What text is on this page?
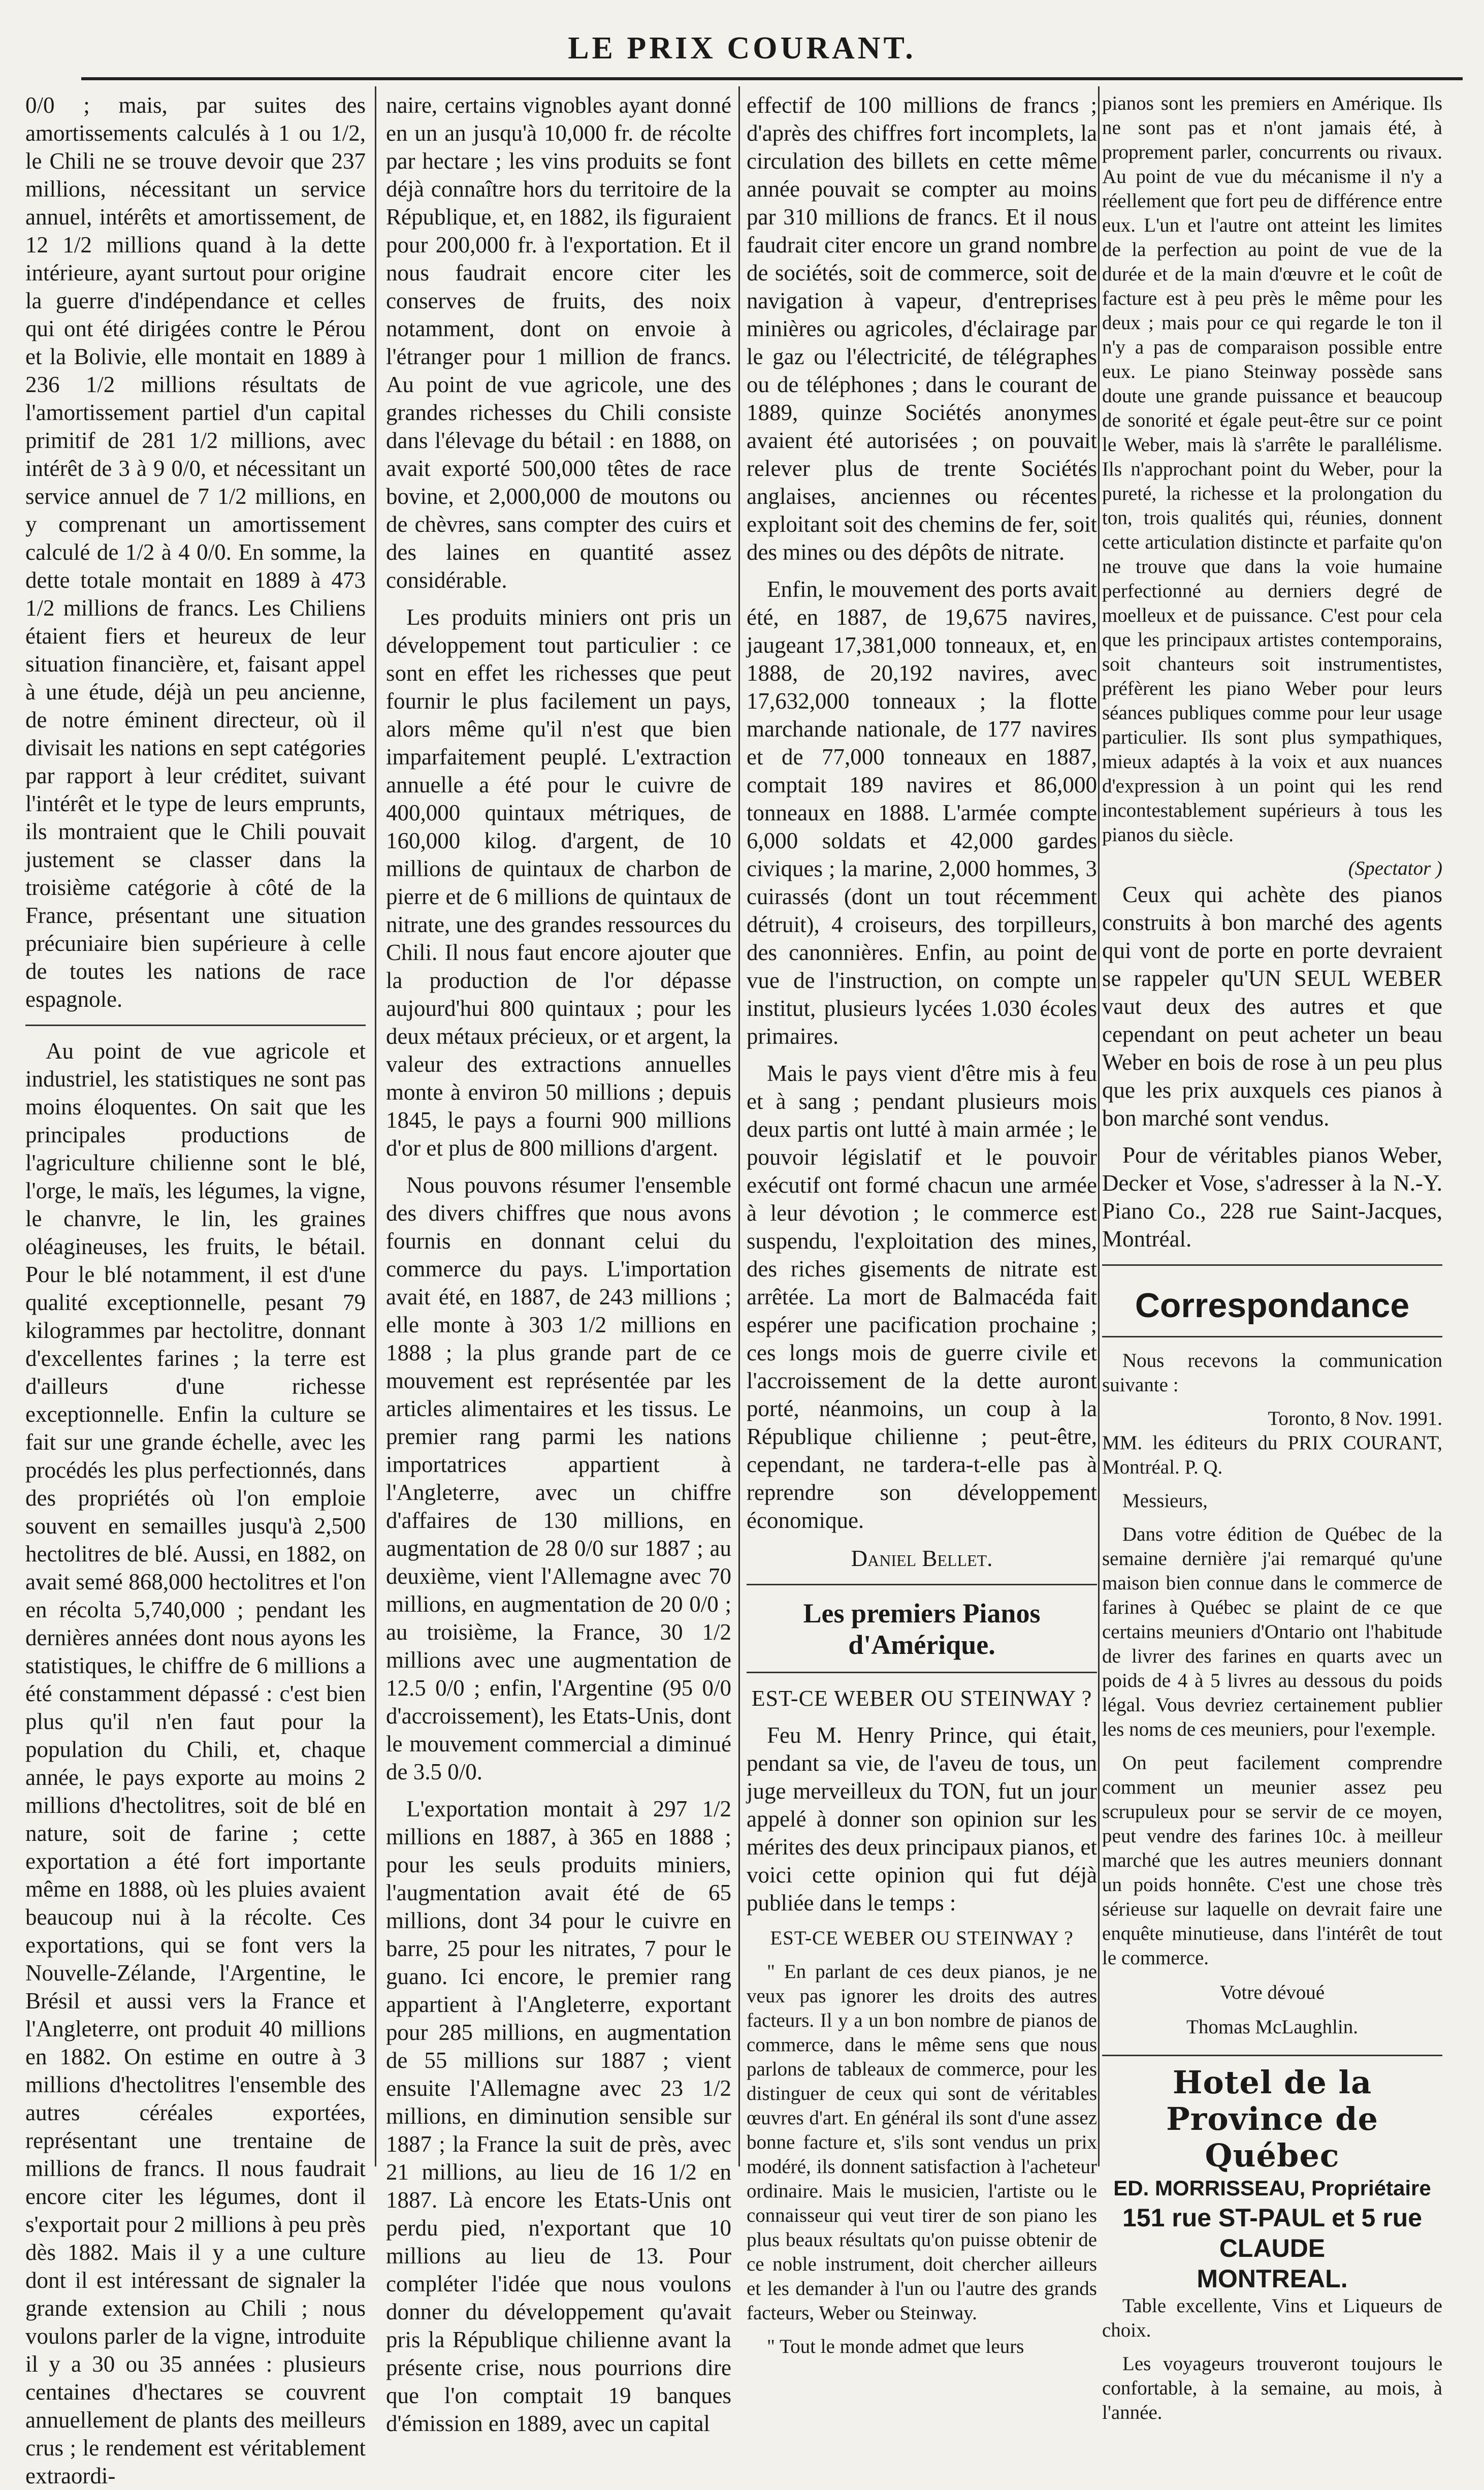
LE PRIX COURANT.

0/0 ; mais, par suites des amortissements calculés à 1 ou 1/2, le Chili ne se trouve devoir que 237 millions, nécessitant un service annuel, intérêts et amortissement, de 12 1/2 millions quand à la dette intérieure, ayant surtout pour origine la guerre d'indépendance et celles qui ont été dirigées contre le Pérou et la Bolivie, elle montait en 1889 à 236 1/2 millions résultats de l'amortissement partiel d'un capital primitif de 281 1/2 millions, avec intérêt de 3 à 9 0/0, et nécessitant un service annuel de 7 1/2 millions, en y comprenant un amortissement calculé de 1/2 à 4 0/0. En somme, la dette totale montait en 1889 à 473 1/2 millions de francs. Les Chiliens étaient fiers et heureux de leur situation financière, et, faisant appel à une étude, déjà un peu ancienne, de notre éminent directeur, où il divisait les nations en sept catégories par rapport à leur créditet, suivant l'intérêt et le type de leurs emprunts, ils montraient que le Chili pouvait justement se classer dans la troisième catégorie à côté de la France, présentant une situation précuniaire bien supérieure à celle de toutes les nations de race espagnole.

Au point de vue agricole et industriel, les statistiques ne sont pas moins éloquentes. On sait que les principales productions de l'agriculture chilienne sont le blé, l'orge, le maïs, les légumes, la vigne, le chanvre, le lin, les graines oléagineuses, les fruits, le bétail. Pour le blé notamment, il est d'une qualité exceptionnelle, pesant 79 kilogrammes par hectolitre, donnant d'excellentes farines ; la terre est d'ailleurs d'une richesse exceptionnelle. Enfin la culture se fait sur une grande échelle, avec les procédés les plus perfectionnés, dans des propriétés où l'on emploie souvent en semailles jusqu'à 2,500 hectolitres de blé. Aussi, en 1882, on avait semé 868,000 hectolitres et l'on en récolta 5,740,000 ; pendant les dernières années dont nous ayons les statistiques, le chiffre de 6 millions a été constamment dépassé : c'est bien plus qu'il n'en faut pour la population du Chili, et, chaque année, le pays exporte au moins 2 millions d'hectolitres, soit de blé en nature, soit de farine ; cette exportation a été fort importante même en 1888, où les pluies avaient beaucoup nui à la récolte. Ces exportations, qui se font vers la Nouvelle-Zélande, l'Argentine, le Brésil et aussi vers la France et l'Angleterre, ont produit 40 millions en 1882. On estime en outre à 3 millions d'hectolitres l'ensemble des autres céréales exportées, représentant une trentaine de millions de francs. Il nous faudrait encore citer les légumes, dont il s'exportait pour 2 millions à peu près dès 1882. Mais il y a une culture dont il est intéressant de signaler la grande extension au Chili ; nous voulons parler de la vigne, introduite il y a 30 ou 35 années : plusieurs centaines d'hectares se couvrent annuellement de plants des meilleurs crus ; le rendement est véritablement extraordi-

naire, certains vignobles ayant donné en un an jusqu'à 10,000 fr. de récolte par hectare ; les vins produits se font déjà connaître hors du territoire de la République, et, en 1882, ils figuraient pour 200,000 fr. à l'exportation. Et il nous faudrait encore citer les conserves de fruits, des noix notamment, dont on envoie à l'étranger pour 1 million de francs. Au point de vue agricole, une des grandes richesses du Chili consiste dans l'élevage du bétail : en 1888, on avait exporté 500,000 têtes de race bovine, et 2,000,000 de moutons ou de chèvres, sans compter des cuirs et des laines en quantité assez considérable.

Les produits miniers ont pris un développement tout particulier : ce sont en effet les richesses que peut fournir le plus facilement un pays, alors même qu'il n'est que bien imparfaitement peuplé. L'extraction annuelle a été pour le cuivre de 400,000 quintaux métriques, de 160,000 kilog. d'argent, de 10 millions de quintaux de charbon de pierre et de 6 millions de quintaux de nitrate, une des grandes ressources du Chili. Il nous faut encore ajouter que la production de l'or dépasse aujourd'hui 800 quintaux ; pour les deux métaux précieux, or et argent, la valeur des extractions annuelles monte à environ 50 millions ; depuis 1845, le pays a fourni 900 millions d'or et plus de 800 millions d'argent.

Nous pouvons résumer l'ensemble des divers chiffres que nous avons fournis en donnant celui du commerce du pays. L'importation avait été, en 1887, de 243 millions ; elle monte à 303 1/2 millions en 1888 ; la plus grande part de ce mouvement est représentée par les articles alimentaires et les tissus. Le premier rang parmi les nations importatrices appartient à l'Angleterre, avec un chiffre d'affaires de 130 millions, en augmentation de 28 0/0 sur 1887 ; au deuxième, vient l'Allemagne avec 70 millions, en augmentation de 20 0/0 ; au troisième, la France, 30 1/2 millions avec une augmentation de 12.5 0/0 ; enfin, l'Argentine (95 0/0 d'accroissement), les Etats-Unis, dont le mouvement commercial a diminué de 3.5 0/0.

L'exportation montait à 297 1/2 millions en 1887, à 365 en 1888 ; pour les seuls produits miniers, l'augmentation avait été de 65 millions, dont 34 pour le cuivre en barre, 25 pour les nitrates, 7 pour le guano. Ici encore, le premier rang appartient à l'Angleterre, exportant pour 285 millions, en augmentation de 55 millions sur 1887 ; vient ensuite l'Allemagne avec 23 1/2 millions, en diminution sensible sur 1887 ; la France la suit de près, avec 21 millions, au lieu de 16 1/2 en 1887. Là encore les Etats-Unis ont perdu pied, n'exportant que 10 millions au lieu de 13. Pour compléter l'idée que nous voulons donner du développement qu'avait pris la République chilienne avant la présente crise, nous pourrions dire que l'on comptait 19 banques d'émission en 1889, avec un capital

effectif de 100 millions de francs ; d'après des chiffres fort incomplets, la circulation des billets en cette même année pouvait se compter au moins par 310 millions de francs. Et il nous faudrait citer encore un grand nombre de sociétés, soit de commerce, soit de navigation à vapeur, d'entreprises minières ou agricoles, d'éclairage par le gaz ou l'électricité, de télégraphes ou de téléphones ; dans le courant de 1889, quinze Sociétés anonymes avaient été autorisées ; on pouvait relever plus de trente Sociétés anglaises, anciennes ou récentes exploitant soit des chemins de fer, soit des mines ou des dépôts de nitrate.

Enfin, le mouvement des ports avait été, en 1887, de 19,675 navires, jaugeant 17,381,000 tonneaux, et, en 1888, de 20,192 navires, avec 17,632,000 tonneaux ; la flotte marchande nationale, de 177 navires et de 77,000 tonneaux en 1887, comptait 189 navires et 86,000 tonneaux en 1888. L'armée compte 6,000 soldats et 42,000 gardes civiques ; la marine, 2,000 hommes, 3 cuirassés (dont un tout récemment détruit), 4 croiseurs, des torpilleurs, des canonnières. Enfin, au point de vue de l'instruction, on compte un institut, plusieurs lycées 1.030 écoles primaires.

Mais le pays vient d'être mis à feu et à sang ; pendant plusieurs mois deux partis ont lutté à main armée ; le pouvoir législatif et le pouvoir exécutif ont formé chacun une armée à leur dévotion ; le commerce est suspendu, l'exploitation des mines, des riches gisements de nitrate est arrêtée. La mort de Balmacéda fait espérer une pacification prochaine ; ces longs mois de guerre civile et l'accroissement de la dette auront porté, néanmoins, un coup à la République chilienne ; peut-être, cependant, ne tardera-t-elle pas à reprendre son développement économique.

Daniel Bellet.
Les premiers Pianos d'Amérique.
EST-CE WEBER OU STEINWAY ?

Feu M. Henry Prince, qui était, pendant sa vie, de l'aveu de tous, un juge merveilleux du TON, fut un jour appelé à donner son opinion sur les mérites des deux principaux pianos, et voici cette opinion qui fut déjà publiée dans le temps :

EST-CE WEBER OU STEINWAY ?

" En parlant de ces deux pianos, je ne veux pas ignorer les droits des autres facteurs. Il y a un bon nombre de pianos de commerce, dans le même sens que nous parlons de tableaux de commerce, pour les distinguer de ceux qui sont de véritables œuvres d'art. En général ils sont d'une assez bonne facture et, s'ils sont vendus un prix modéré, ils donnent satisfaction à l'acheteur ordinaire. Mais le musicien, l'artiste ou le connaisseur qui veut tirer de son piano les plus beaux résultats qu'on puisse obtenir de ce noble instrument, doit chercher ailleurs et les demander à l'un ou l'autre des grands facteurs, Weber ou Steinway.

" Tout le monde admet que leurs

pianos sont les premiers en Amérique. Ils ne sont pas et n'ont jamais été, à proprement parler, concurrents ou rivaux. Au point de vue du mécanisme il n'y a réellement que fort peu de différence entre eux. L'un et l'autre ont atteint les limites de la perfection au point de vue de la durée et de la main d'œuvre et le coût de facture est à peu près le même pour les deux ; mais pour ce qui regarde le ton il n'y a pas de comparaison possible entre eux. Le piano Steinway possède sans doute une grande puissance et beaucoup de sonorité et égale peut-être sur ce point le Weber, mais là s'arrête le parallélisme. Ils n'approchant point du Weber, pour la pureté, la richesse et la prolongation du ton, trois qualités qui, réunies, donnent cette articulation distincte et parfaite qu'on ne trouve que dans la voie humaine perfectionné au derniers degré de moelleux et de puissance. C'est pour cela que les principaux artistes contemporains, soit chanteurs soit instrumentistes, préfèrent les piano Weber pour leurs séances publiques comme pour leur usage particulier. Ils sont plus sympathiques, mieux adaptés à la voix et aux nuances d'expression à un point qui les rend incontestablement supérieurs à tous les pianos du siècle.

(Spectator )

Ceux qui achète des pianos construits à bon marché des agents qui vont de porte en porte devraient se rappeler qu'UN SEUL WEBER vaut deux des autres et que cependant on peut acheter un beau Weber en bois de rose à un peu plus que les prix auxquels ces pianos à bon marché sont vendus.

Pour de véritables pianos Weber, Decker et Vose, s'adresser à la N.-Y. Piano Co., 228 rue Saint-Jacques, Montréal.

Correspondance

Nous recevons la communication suivante :

Toronto, 8 Nov. 1991.

MM. les éditeurs du PRIX COURANT, Montréal. P. Q.

Messieurs,

Dans votre édition de Québec de la semaine dernière j'ai remarqué qu'une maison bien connue dans le commerce de farines à Québec se plaint de ce que certains meuniers d'Ontario ont l'habitude de livrer des farines en quarts avec un poids de 4 à 5 livres au dessous du poids légal. Vous devriez certainement publier les noms de ces meuniers, pour l'exemple.

On peut facilement comprendre comment un meunier assez peu scrupuleux pour se servir de ce moyen, peut vendre des farines 10c. à meilleur marché que les autres meuniers donnant un poids honnête. C'est une chose très sérieuse sur laquelle on devrait faire une enquête minutieuse, dans l'intérêt de tout le commerce.

Votre dévoué
Thomas McLaughlin.
Hotel de la Province de Québec
ED. MORRISSEAU, Propriétaire
151 rue ST-PAUL et 5 rue CLAUDE
MONTREAL.

Table excellente, Vins et Liqueurs de choix.

Les voyageurs trouveront toujours le confortable, à la semaine, au mois, à l'année.
